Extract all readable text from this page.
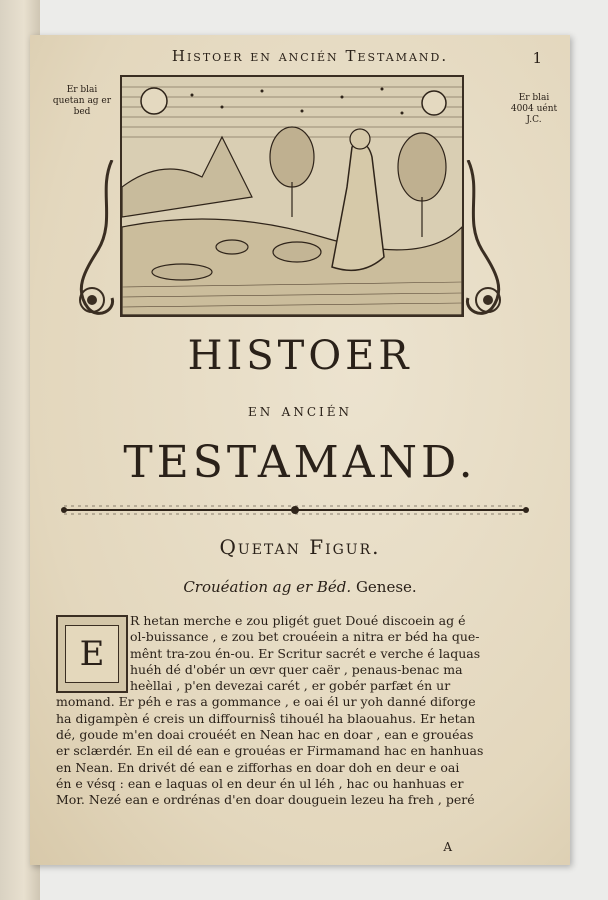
Histoer en ancién Testamand.	1
Er blai quetan ag er bed
Er blai 4004 uént J.C.
HISTOER
en ancién
TESTAMAND.
Quetan Figur.
Crouéation ag er Béd. Genese.
E
R hetan merche e zou pligét guet Doué discoein ag é
ol-buissance , e zou bet crouéein a nitra er béd ha que-
mênt tra-zou én-ou. Er Scritur sacrét e verche é laquas
huéh dé d'obér un œvr quer caër , penaus-benac ma
heèllai , p'en devezai carét , er gobér parfæt én ur
momand. Er péh e ras a gommance , e oai él ur yoh danné diforge
ha digampèn é creis un diffournisŝ tihouél ha blaouahus. Er hetan
dé, goude m'en doai crouéét en Nean hac en doar , ean e grouéas
er sclærdér. En eil dé ean e grouéas er Firmamand hac en hanhuas
en Nean. En drivét dé ean e zifforhas en doar doh en deur e oai
én e vésq : ean e laquas ol en deur én ul léh , hac ou hanhuas er
Mor. Nezé ean e ordrénas d'en doar douguein lezeu ha freh , peré
A
